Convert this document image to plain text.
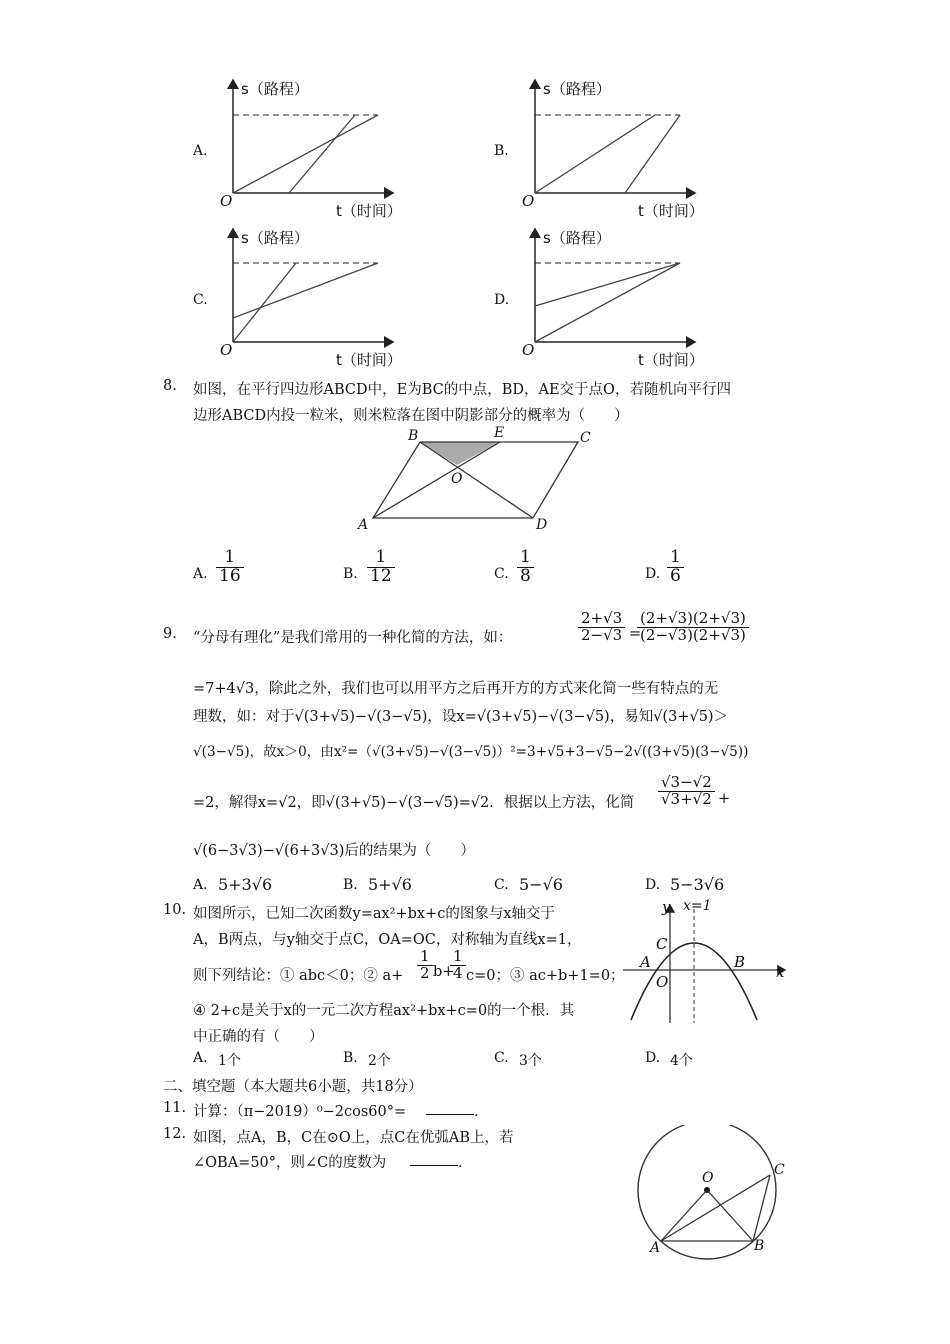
A.
s（路程）
t（时间）
O
B.
s（路程）
t（时间）
O
C.
s（路程）
t（时间）
O
D.
s（路程）
t（时间）
O
8. 如图，在平行四边形ABCD中，E为BC的中点，BD，AE交于点O，若随机向平行四
边形ABCD内投一粒米，则米粒落在图中阴影部分的概率为（　　）
B	E	C
O
A	D
A. $\frac{1}{16}$	B. $\frac{1}{12}$	C. $\frac{1}{8}$	D. $\frac{1}{6}$
9. “分母有理化”是我们常用的一种化简的方法，如：	$\frac{2+√3}{2-√3}$ =
$\frac{(2+√3)(2+√3)}{(2-√3)(2+√3)}$
=7+4√3，除此之外，我们也可以用平方之后再开方的方式来化简一些有特点的无
理数，如：对于√(3+√5)−√(3−√5)，设x=√(3+√5)−√(3−√5)，易知√(3+√5)＞
√(3−√5)，故x＞0，由x²=（√(3+√5)−√(3−√5)）²=3+√5+3−√5−2√((3+√5)(3−√5))
=2，解得x=√2，即√(3+√5)−√(3−√5)=√2．根据以上方法，化简 $\frac{√3-√2}{√3+√2}$ +
√(6−3√3)−√(6+3√3)后的结果为（　　）
A. 5+3√6	B. 5+√6	C. 5−√6	D. 5−3√6
10. 如图所示，已知二次函数y=ax²+bx+c的图象与x轴交于
A，B两点，与y轴交于点C，OA=OC，对称轴为直线x=1，
则下列结论：① abc＜0；② $a+ \frac{1}{2} b+$
$\frac{1}{4} c=0$；③ ac+b+1=0；
④ 2+c是关于x的一元二次方程ax²+bx+c=0的一个根．其
中正确的有（　　）
y x=1
C
A	B
x
O
A. 1个	B. 2个	C. 3个	D. 4个
二、填空题（本大题共6小题，共18分）
11. 计算：（π−2019）⁰−2cos60°=	．
12. 如图，点A，B，C在⊙O上，点C在优弧AB上，若
∠OBA=50°，则∠C的度数为	．
O	C
A	B
